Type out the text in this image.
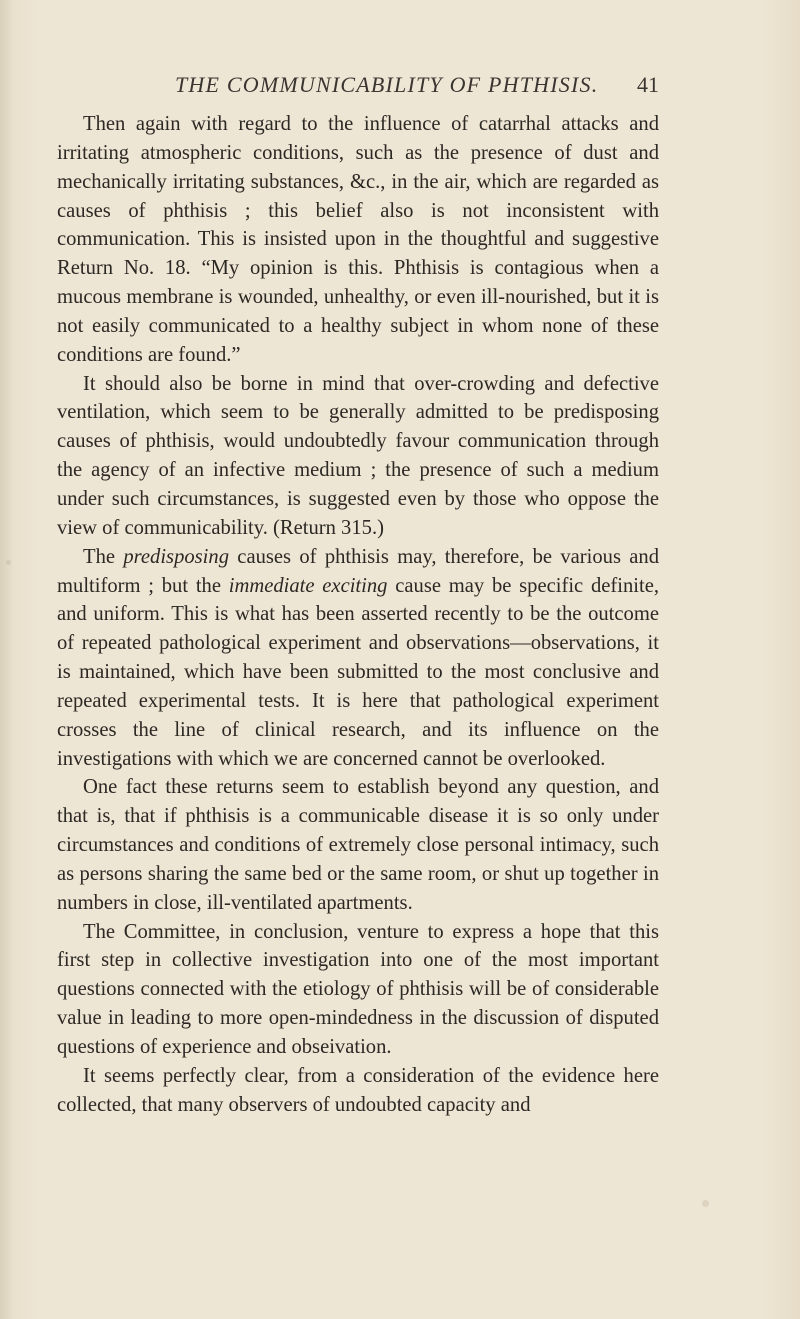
THE COMMUNICABILITY OF PHTHISIS. 41

Then again with regard to the influence of catarrhal attacks and irritating atmospheric conditions, such as the presence of dust and mechanically irritating substances, &c., in the air, which are regarded as causes of phthisis ; this belief also is not inconsistent with communication. This is insisted upon in the thoughtful and suggestive Return No. 18. “My opinion is this. Phthisis is contagious when a mucous membrane is wounded, unhealthy, or even ill-nourished, but it is not easily communicated to a healthy subject in whom none of these conditions are found.”

It should also be borne in mind that over-crowding and defective ventilation, which seem to be generally admitted to be predisposing causes of phthisis, would undoubtedly favour communication through the agency of an infective medium ; the presence of such a medium under such circumstances, is suggested even by those who oppose the view of communicability. (Return 315.)

The predisposing causes of phthisis may, therefore, be various and multiform ; but the immediate exciting cause may be specific definite, and uniform. This is what has been asserted recently to be the outcome of repeated pathological experiment and observations—observations, it is maintained, which have been submitted to the most conclusive and repeated experimental tests. It is here that pathological experiment crosses the line of clinical research, and its influence on the investigations with which we are concerned cannot be overlooked.

One fact these returns seem to establish beyond any question, and that is, that if phthisis is a communicable disease it is so only under circumstances and conditions of extremely close personal intimacy, such as persons sharing the same bed or the same room, or shut up together in numbers in close, ill-ventilated apartments.

The Committee, in conclusion, venture to express a hope that this first step in collective investigation into one of the most important questions connected with the etiology of phthisis will be of considerable value in leading to more open-mindedness in the discussion of disputed questions of experience and obseivation.

It seems perfectly clear, from a consideration of the evidence here collected, that many observers of undoubted capacity and
